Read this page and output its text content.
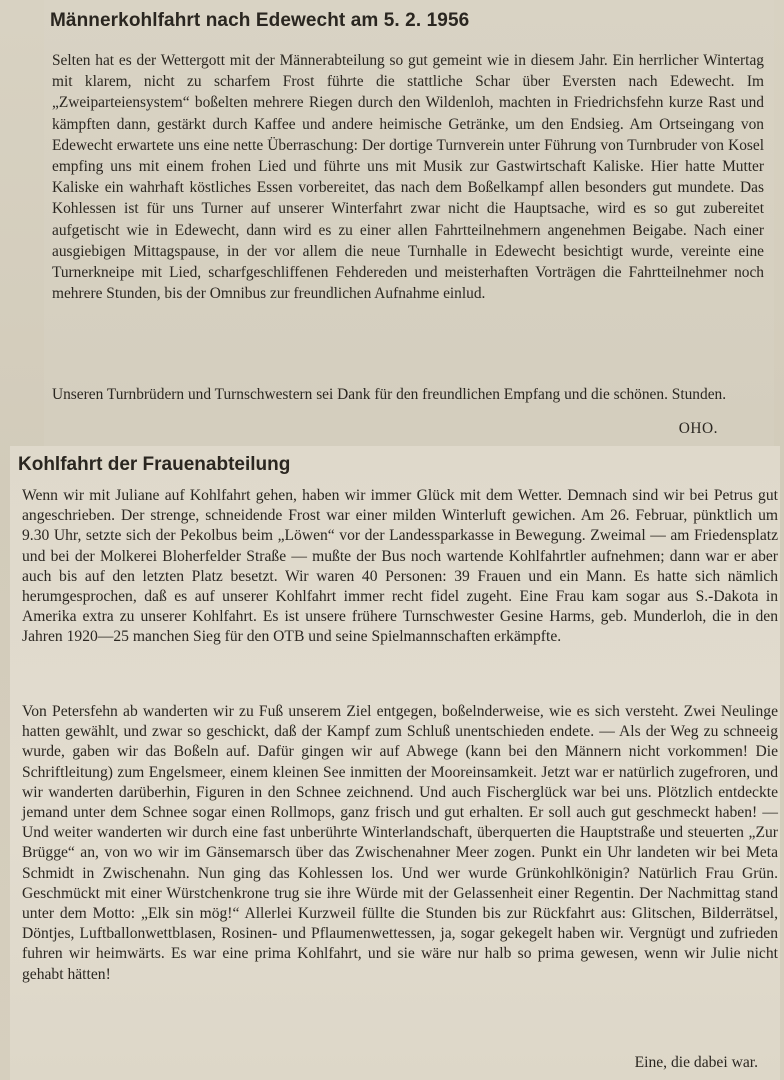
Männerkohlfahrt nach Edewecht am 5. 2. 1956

Selten hat es der Wettergott mit der Männerabteilung so gut gemeint wie in diesem Jahr. Ein herrlicher Wintertag mit klarem, nicht zu scharfem Frost führte die stattliche Schar über Eversten nach Edewecht. Im „Zweiparteiensystem“ boßelten mehrere Riegen durch den Wildenloh, machten in Friedrichsfehn kurze Rast und kämpften dann, gestärkt durch Kaffee und andere heimische Getränke, um den Endsieg. Am Ortseingang von Edewecht erwartete uns eine nette Überraschung: Der dortige Turnverein unter Führung von Turnbruder von Kosel empfing uns mit einem frohen Lied und führte uns mit Musik zur Gastwirtschaft Kaliske. Hier hatte Mutter Kaliske ein wahrhaft köstliches Essen vorbereitet, das nach dem Boßelkampf allen besonders gut mundete. Das Kohlessen ist für uns Turner auf unserer Winterfahrt zwar nicht die Hauptsache, wird es so gut zubereitet aufgetischt wie in Edewecht, dann wird es zu einer allen Fahrtteilnehmern angenehmen Beigabe. Nach einer ausgiebigen Mittagspause, in der vor allem die neue Turnhalle in Edewecht besichtigt wurde, vereinte eine Turnerkneipe mit Lied, scharfgeschliffenen Fehdereden und meisterhaften Vorträgen die Fahrtteilnehmer noch mehrere Stunden, bis der Omnibus zur freundlichen Aufnahme einlud.

Unseren Turnbrüdern und Turnschwestern sei Dank für den freundlichen Empfang und die schönen. Stunden.

OHO.

Kohlfahrt der Frauenabteilung

Wenn wir mit Juliane auf Kohlfahrt gehen, haben wir immer Glück mit dem Wetter. Demnach sind wir bei Petrus gut angeschrieben. Der strenge, schneidende Frost war einer milden Winterluft gewichen. Am 26. Februar, pünktlich um 9.30 Uhr, setzte sich der Pekolbus beim „Löwen“ vor der Landessparkasse in Bewegung. Zweimal — am Friedensplatz und bei der Molkerei Bloherfelder Straße — mußte der Bus noch wartende Kohlfahrtler aufnehmen; dann war er aber auch bis auf den letzten Platz besetzt. Wir waren 40 Personen: 39 Frauen und ein Mann. Es hatte sich nämlich herumgesprochen, daß es auf unserer Kohlfahrt immer recht fidel zugeht. Eine Frau kam sogar aus S.-Dakota in Amerika extra zu unserer Kohlfahrt. Es ist unsere frühere Turnschwester Gesine Harms, geb. Munderloh, die in den Jahren 1920—25 manchen Sieg für den OTB und seine Spielmannschaften erkämpfte.

Von Petersfehn ab wanderten wir zu Fuß unserem Ziel entgegen, boßelnderweise, wie es sich versteht. Zwei Neulinge hatten gewählt, und zwar so geschickt, daß der Kampf zum Schluß unentschieden endete. — Als der Weg zu schneeig wurde, gaben wir das Boßeln auf. Dafür gingen wir auf Abwege (kann bei den Männern nicht vorkommen! Die Schriftleitung) zum Engelsmeer, einem kleinen See inmitten der Mooreinsamkeit. Jetzt war er natürlich zugefroren, und wir wanderten darüberhin, Figuren in den Schnee zeichnend. Und auch Fischerglück war bei uns. Plötzlich entdeckte jemand unter dem Schnee sogar einen Rollmops, ganz frisch und gut erhalten. Er soll auch gut geschmeckt haben! — Und weiter wanderten wir durch eine fast unberührte Winterlandschaft, überquerten die Hauptstraße und steuerten „Zur Brügge“ an, von wo wir im Gänsemarsch über das Zwischenahner Meer zogen. Punkt ein Uhr landeten wir bei Meta Schmidt in Zwischenahn. Nun ging das Kohlessen los. Und wer wurde Grünkohlkönigin? Natürlich Frau Grün. Geschmückt mit einer Würstchenkrone trug sie ihre Würde mit der Gelassenheit einer Regentin. Der Nachmittag stand unter dem Motto: „Elk sin mög!“ Allerlei Kurzweil füllte die Stunden bis zur Rückfahrt aus: Glitschen, Bilderrätsel, Döntjes, Luftballonwettblasen, Rosinen- und Pflaumenwettessen, ja, sogar gekegelt haben wir. Vergnügt und zufrieden fuhren wir heimwärts. Es war eine prima Kohlfahrt, und sie wäre nur halb so prima gewesen, wenn wir Julie nicht gehabt hätten!

Eine, die dabei war.
